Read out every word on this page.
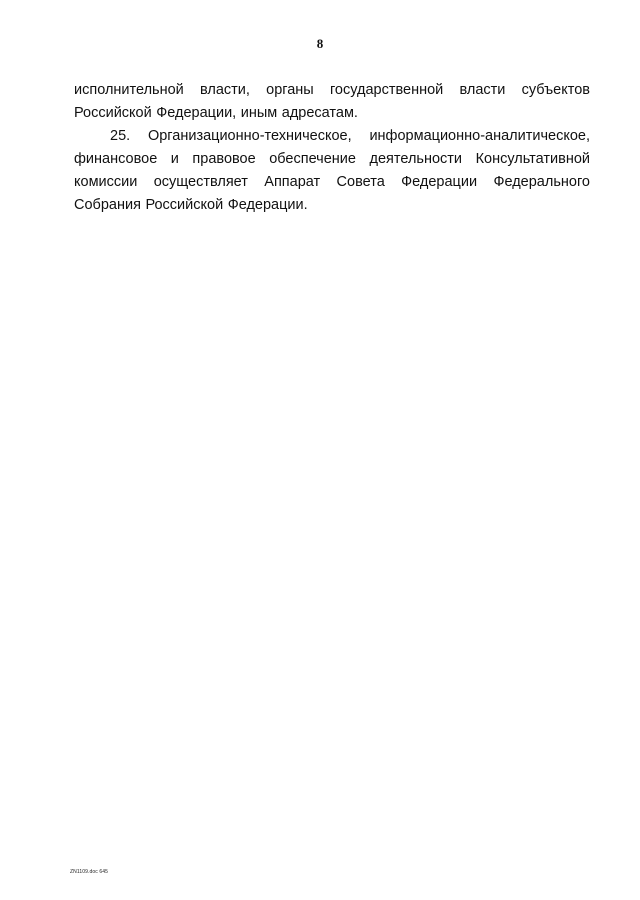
8

исполнительной власти, органы государственной власти субъектов Российской Федерации, иным адресатам.

25. Организационно-техническое, информационно-аналитическое, финансовое и правовое обеспечение деятельности Консультативной комиссии осуществляет Аппарат Совета Федерации Федерального Собрания Российской Федерации.

ZN1109.doc 645
